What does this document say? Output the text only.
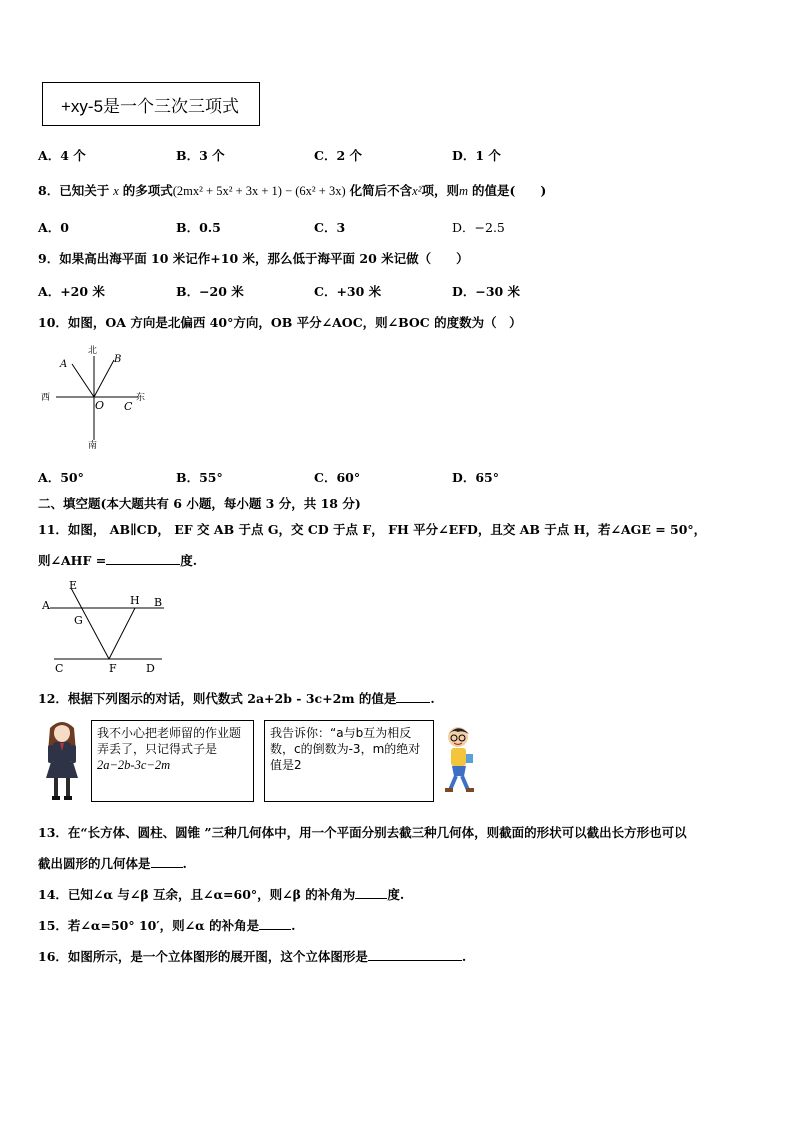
+xy-5是一个三次三项式
A．4 个	B．3 个	C．2 个	D．1 个
8．已知关于 x 的多项式(2mx² + 5x² + 3x + 1) − (6x² + 3x) 化简后不含x²项，则m 的值是(　　)
A．0	B．0.5	C．3	D．−2.5
9．如果高出海平面 10 米记作+10 米，那么低于海平面 20 米记做（　　）
A．+20 米	B．−20 米	C．+30 米	D．−30 米
10．如图，OA 方向是北偏西 40°方向，OB 平分∠AOC，则∠BOC 的度数为（　）
北
南
西	东
A	B
O C
A．50°	B．55°	C．60°	D．65°
二、填空题(本大题共有 6 小题，每小题 3 分，共 18 分)
11．如图， AB∥CD， EF 交 AB 于点 G，交 CD 于点 F， FH 平分∠EFD，且交 AB 于点 H，若∠AGE = 50°，
则∠AHF =	度.
E
A
G
H B
C	F	D
12．根据下列图示的对话，则代数式 2a+2b - 3c+2m 的值是	.
我不小心把老师留的作业题弄丢了，只记得式子是
2a−2b-3c−2m
我告诉你：“a与b互为相反数，c的倒数为-3，m的绝对值是2
13．在“长方体、圆柱、圆锥 ”三种几何体中，用一个平面分别去截三种几何体，则截面的形状可以截出长方形也可以
截出圆形的几何体是	.
14．已知∠α 与∠β 互余，且∠α=60°，则∠β 的补角为	度.
15．若∠α=50° 10′，则∠α 的补角是	.
16．如图所示，是一个立体图形的展开图，这个立体图形是	.
